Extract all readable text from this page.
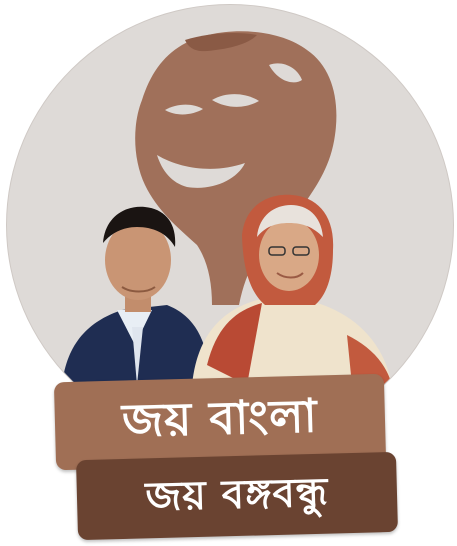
জয় বাংলা
জয় বঙ্গবন্ধু
